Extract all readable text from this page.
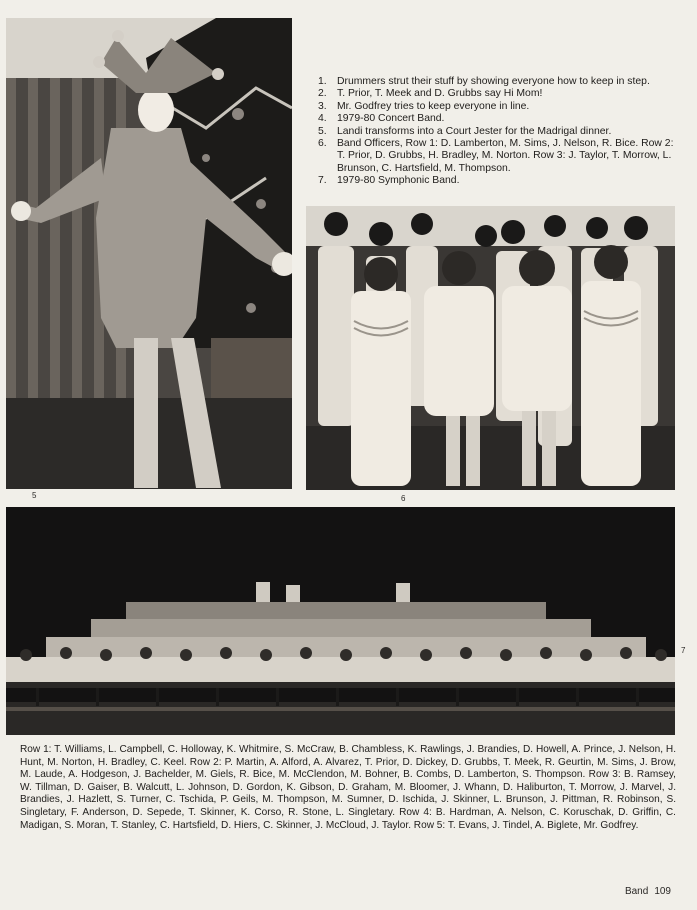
5
1. Drummers strut their stuff by showing everyone how to keep in step.
2. T. Prior, T. Meek and D. Grubbs say Hi Mom!
3. Mr. Godfrey tries to keep everyone in line.
4. 1979-80 Concert Band.
5. Landi transforms into a Court Jester for the Madrigal dinner.
6. Band Officers, Row 1: D. Lamberton, M. Sims, J. Nelson, R. Bice. Row 2: T. Prior, D. Grubbs, H. Bradley, M. Norton. Row 3: J. Taylor, T. Morrow, L. Brunson, C. Hartsfield, M. Thompson.
7. 1979-80 Symphonic Band.
6
7

Row 1: T. Williams, L. Campbell, C. Holloway, K. Whitmire, S. McCraw, B. Chambless, K. Rawlings, J. Brandies, D. Howell, A. Prince, J. Nelson, H. Hunt, M. Norton, H. Bradley, C. Keel. Row 2: P. Martin, A. Alford, A. Alvarez, T. Prior, D. Dickey, D. Grubbs, T. Meek, R. Geurtin, M. Sims, J. Brow, M. Laude, A. Hodgeson, J. Bachelder, M. Giels, R. Bice, M. McClendon, M. Bohner, B. Combs, D. Lamberton, S. Thompson. Row 3: B. Ramsey, W. Tillman, D. Gaiser, B. Walcutt, L. Johnson, D. Gordon, K. Gibson, D. Graham, M. Bloomer, J. Whann, D. Haliburton, T. Morrow, J. Marvel, J. Brandies, J. Hazlett, S. Turner, C. Tschida, P. Geils, M. Thompson, M. Sumner, D. Ischida, J. Skinner, L. Brunson, J. Pittman, R. Robinson, S. Singletary, F. Anderson, D. Sepede, T. Skinner, K. Corso, R. Stone, L. Singletary. Row 4: B. Hardman, A. Nelson, C. Koruschak, D. Griffin, C. Madigan, S. Moran, T. Stanley, C. Hartsfield, D. Hiers, C. Skinner, J. McCloud, J. Taylor. Row 5: T. Evans, J. Tindel, A. Biglete, Mr. Godfrey.

Band 109
